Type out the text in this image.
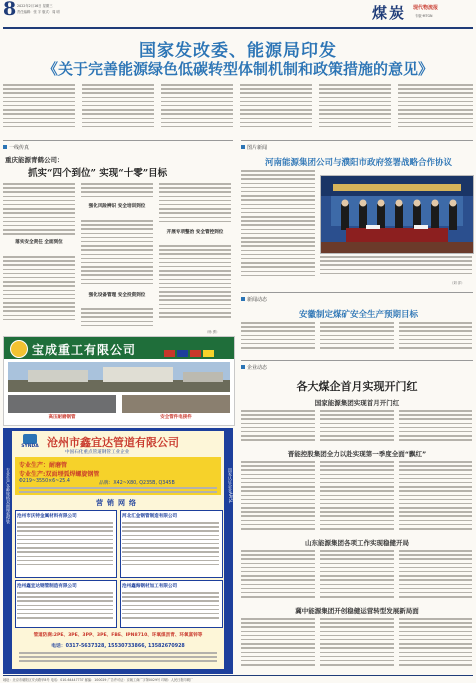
8 2022年2月16日 星期三
责任编辑：张 宇 版式：周 明	煤炭 现代物流报
专版·MTGN
国家发改委、能源局印发
《关于完善能源绿色低碳转型体制机制和政策措施的意见》
一线传真
重庆能源青鹤公司：
抓实“四个到位” 实现“十零”目标
落实安全责任 全面到位
强化风险辨识 安全培训到位
强化设备管理 安全投资到位
开展专项整治 安全管控到位
（杨 勇）
图片新闻
河南能源集团公司与濮阳市政府签署战略合作协议
（刘 洋）
新闻动态
安徽制定煤矿安全生产预期目标
宝成重工有限公司
高压耐磨钢管	安全管件电接件
专业生产各种规格双面埋弧焊管	国家认证企业API5L
SYNDA 沧州市鑫宜达管道有限公司
中国石化重点管道钢管工业企业
专业生产：耐磨管
专业生产:双面埋弧焊螺旋钢管
Φ219~3550×6~25.4	品牌：X42~X80, Q235B, Q345B
营销网络
沧州市沃特金属材料有限公司	河北汇金钢管制造有限公司
沧州鑫宜达钢管制造有限公司	沧州鑫海钢材加工有限公司
管道防腐:2PE、3PE、3PP、3PE、FBE、IPN8710、环氧煤沥青、环氧富锌等
电话：0317-5637328, 15530733866, 13582670928
企业动态
各大煤企首月实现开门红
国家能源集团实现首月开门红
晋能控股集团全力以赴实现第一季度全面“飘红”
山东能源集团各项工作实现稳健开局
冀中能源集团开创稳健运营转型发展新局面
地址：北京市朝阳区安贞路甲8号 电话：010-64447737 邮编：100029 广告许可证：京朝工商广字第0029号 印刷：人民日报印刷厂
